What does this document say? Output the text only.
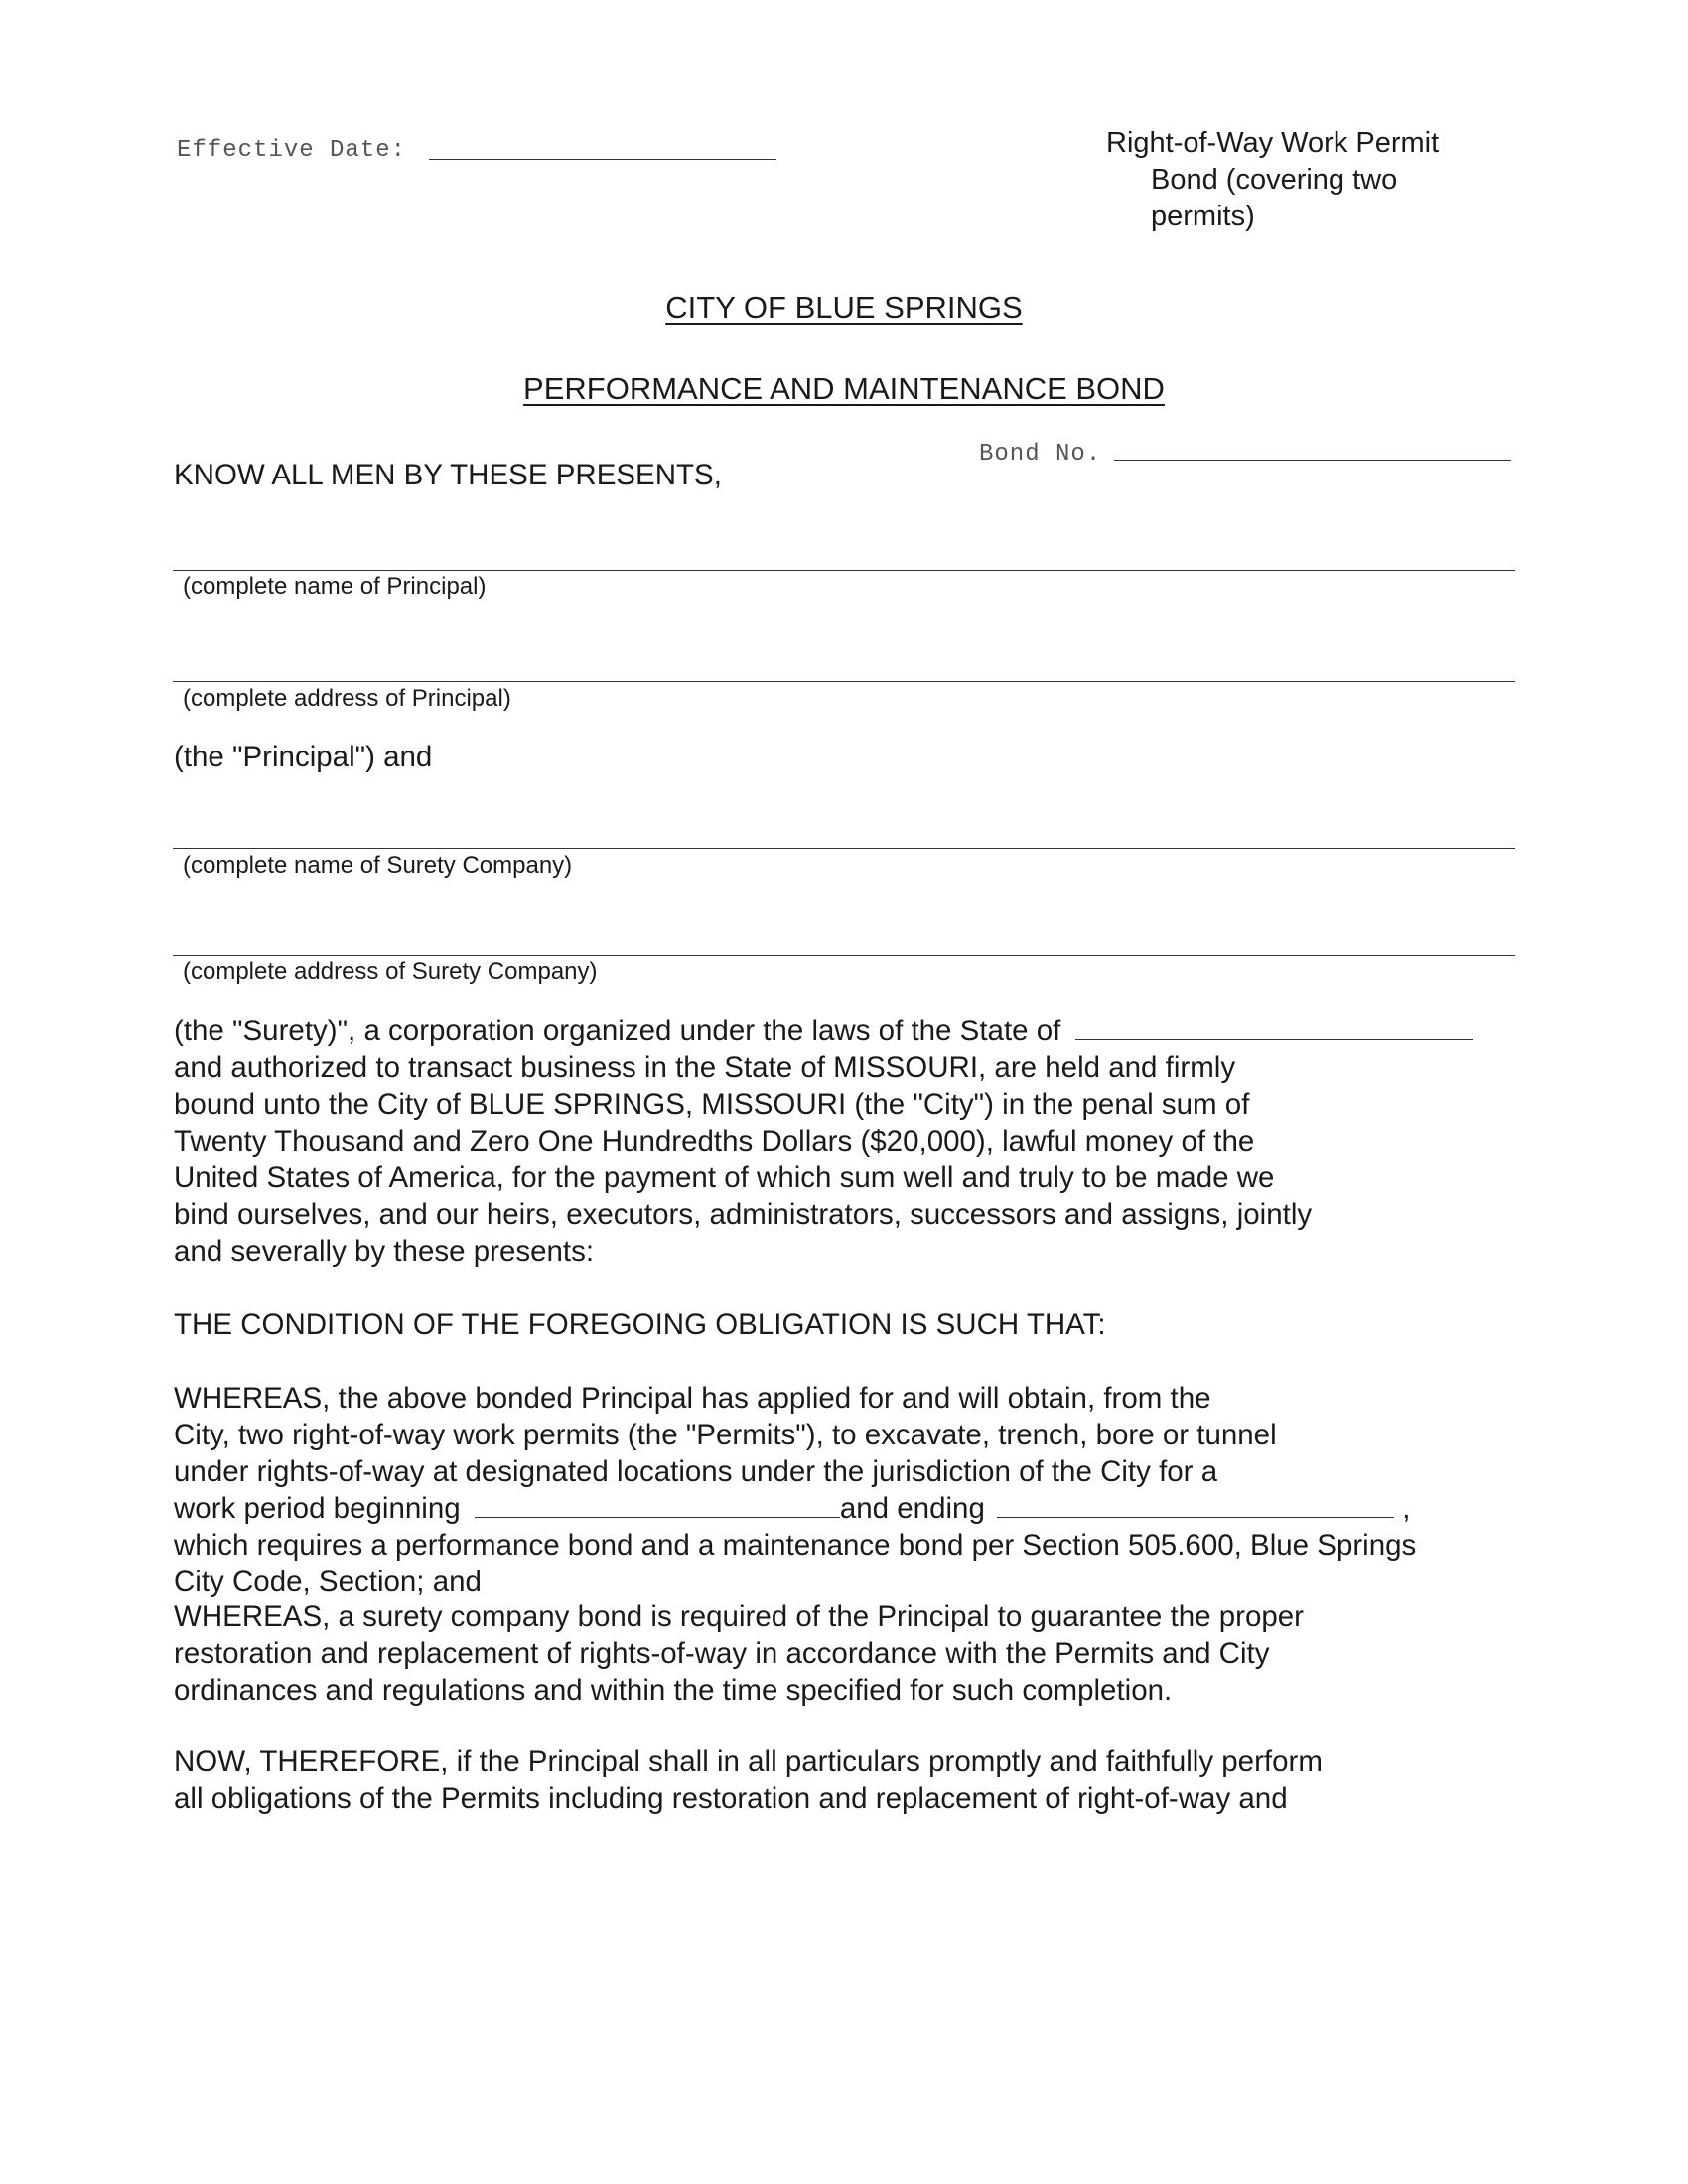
Effective Date:	Right-of-Way Work Permit
Bond (covering two
permits)
CITY OF BLUE SPRINGS
PERFORMANCE AND MAINTENANCE BOND
Bond No.
KNOW ALL MEN BY THESE PRESENTS,
(complete name of Principal)
(complete address of Principal)
(the "Principal") and
(complete name of Surety Company)
(complete address of Surety Company)
(the "Surety)", a corporation organized under the laws of the State of
and authorized to transact business in the State of MISSOURI, are held and firmly
bound unto the City of BLUE SPRINGS, MISSOURI (the "City") in the penal sum of
Twenty Thousand and Zero One Hundredths Dollars ($20,000), lawful money of the
United States of America, for the payment of which sum well and truly to be made we
bind ourselves, and our heirs, executors, administrators, successors and assigns, jointly
and severally by these presents:
THE CONDITION OF THE FOREGOING OBLIGATION IS SUCH THAT:
WHEREAS, the above bonded Principal has applied for and will obtain, from the
City, two right-of-way work permits (the "Permits"), to excavate, trench, bore or tunnel
under rights-of-way at designated locations under the jurisdiction of the City for a
work period beginning	and ending	,
which requires a performance bond and a maintenance bond per Section 505.600, Blue Springs
City Code, Section; and
WHEREAS, a surety company bond is required of the Principal to guarantee the proper
restoration and replacement of rights-of-way in accordance with the Permits and City
ordinances and regulations and within the time specified for such completion.
NOW, THEREFORE, if the Principal shall in all particulars promptly and faithfully perform
all obligations of the Permits including restoration and replacement of right-of-way and
